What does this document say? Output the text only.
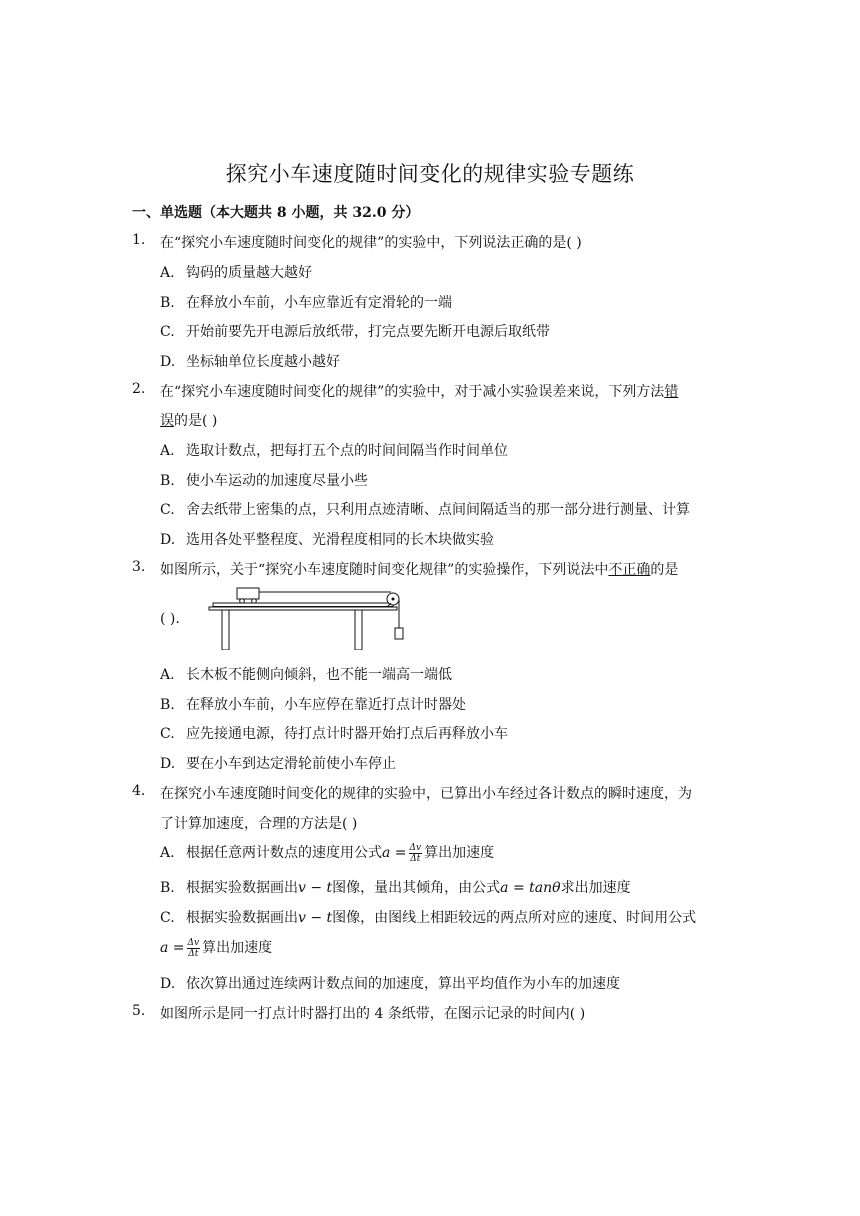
探究小车速度随时间变化的规律实验专题练
一、单选题（本大题共 8 小题，共 32.0 分）
1. 在“探究小车速度随时间变化的规律”的实验中，下列说法正确的是( )
A. 钩码的质量越大越好
B. 在释放小车前，小车应靠近有定滑轮的一端
C. 开始前要先开电源后放纸带，打完点要先断开电源后取纸带
D. 坐标轴单位长度越小越好
2. 在“探究小车速度随时间变化的规律”的实验中，对于减小实验误差来说，下列方法错
误的是( )
A. 选取计数点，把每打五个点的时间间隔当作时间单位
B. 使小车运动的加速度尽量小些
C. 舍去纸带上密集的点，只利用点迹清晰、点间间隔适当的那一部分进行测量、计算
D. 选用各处平整程度、光滑程度相同的长木块做实验
3. 如图所示，关于“探究小车速度随时间变化规律”的实验操作，下列说法中不正确的是
( ).
A. 长木板不能侧向倾斜，也不能一端高一端低
B. 在释放小车前，小车应停在靠近打点计时器处
C. 应先接通电源，待打点计时器开始打点后再释放小车
D. 要在小车到达定滑轮前使小车停止
4. 在探究小车速度随时间变化的规律的实验中，已算出小车经过各计数点的瞬时速度，为
了计算加速度，合理的方法是( )
A. 根据任意两计数点的速度用公式$a = \frac{\Delta v}{\Delta t}$ 算出加速度
B. 根据实验数据画出v − t图像，量出其倾角，由公式a = tanθ求出加速度
C. 根据实验数据画出v − t图像，由图线上相距较远的两点所对应的速度、时间用公式
$a = \frac{\Delta v}{\Delta t}$ 算出加速度
D. 依次算出通过连续两计数点间的加速度，算出平均值作为小车的加速度
5. 如图所示是同一打点计时器打出的 4 条纸带，在图示记录的时间内( )
